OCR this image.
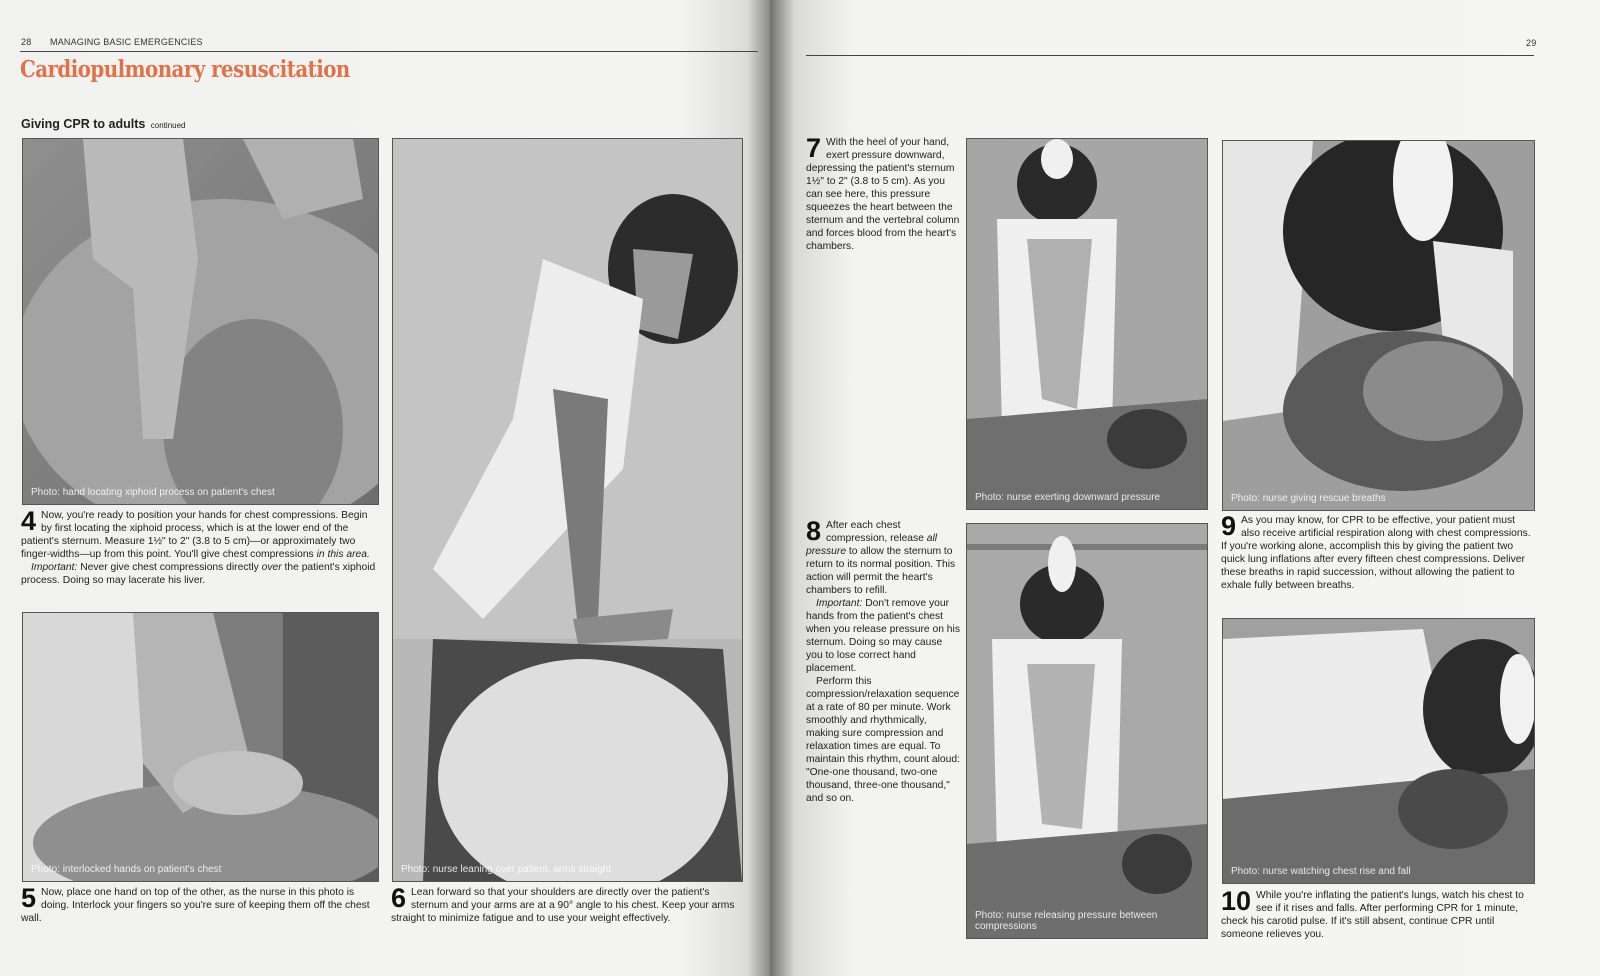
28 MANAGING BASIC EMERGENCIES
Cardiopulmonary resuscitation
Giving CPR to adults continued
Photo: hand locating xiphoid process on patient's chest
4 Now, you're ready to position your hands for chest compressions. Begin by first locating the xiphoid process, which is at the lower end of the patient's sternum. Measure 1½" to 2" (3.8 to 5 cm)—or approximately two finger-widths—up from this point. You'll give chest compressions in this area.

Important: Never give chest compressions directly over the patient's xiphoid process. Doing so may lacerate his liver.

Photo: interlocked hands on patient's chest
5 Now, place one hand on top of the other, as the nurse in this photo is doing. Interlock your fingers so you're sure of keeping them off the chest wall.

Photo: nurse leaning over patient, arms straight
6 Lean forward so that your shoulders are directly over the patient's sternum and your arms are at a 90° angle to his chest. Keep your arms straight to minimize fatigue and to use your weight effectively.

29
7 With the heel of your hand, exert pressure downward, depressing the patient's sternum 1½" to 2" (3.8 to 5 cm). As you can see here, this pressure squeezes the heart between the sternum and the vertebral column and forces blood from the heart's chambers.

Photo: nurse exerting downward pressure	Photo: nurse giving rescue breaths
9 As you may know, for CPR to be effective, your patient must also receive artificial respiration along with chest compressions. If you're working alone, accomplish this by giving the patient two quick lung inflations after every fifteen chest compressions. Deliver these breaths in rapid succession, without allowing the patient to exhale fully between breaths.

8 After each chest compression, release all pressure to allow the sternum to return to its normal position. This action will permit the heart's chambers to refill.

Important: Don't remove your hands from the patient's chest when you release pressure on his sternum. Doing so may cause you to lose correct hand placement.

Perform this compression/relaxation sequence at a rate of 80 per minute. Work smoothly and rhythmically, making sure compression and relaxation times are equal. To maintain this rhythm, count aloud: "One-one thousand, two-one thousand, three-one thousand," and so on.

Photo: nurse releasing pressure between compressions
Photo: nurse watching chest rise and fall
10 While you're inflating the patient's lungs, watch his chest to see if it rises and falls. After performing CPR for 1 minute, check his carotid pulse. If it's still absent, continue CPR until someone relieves you.
